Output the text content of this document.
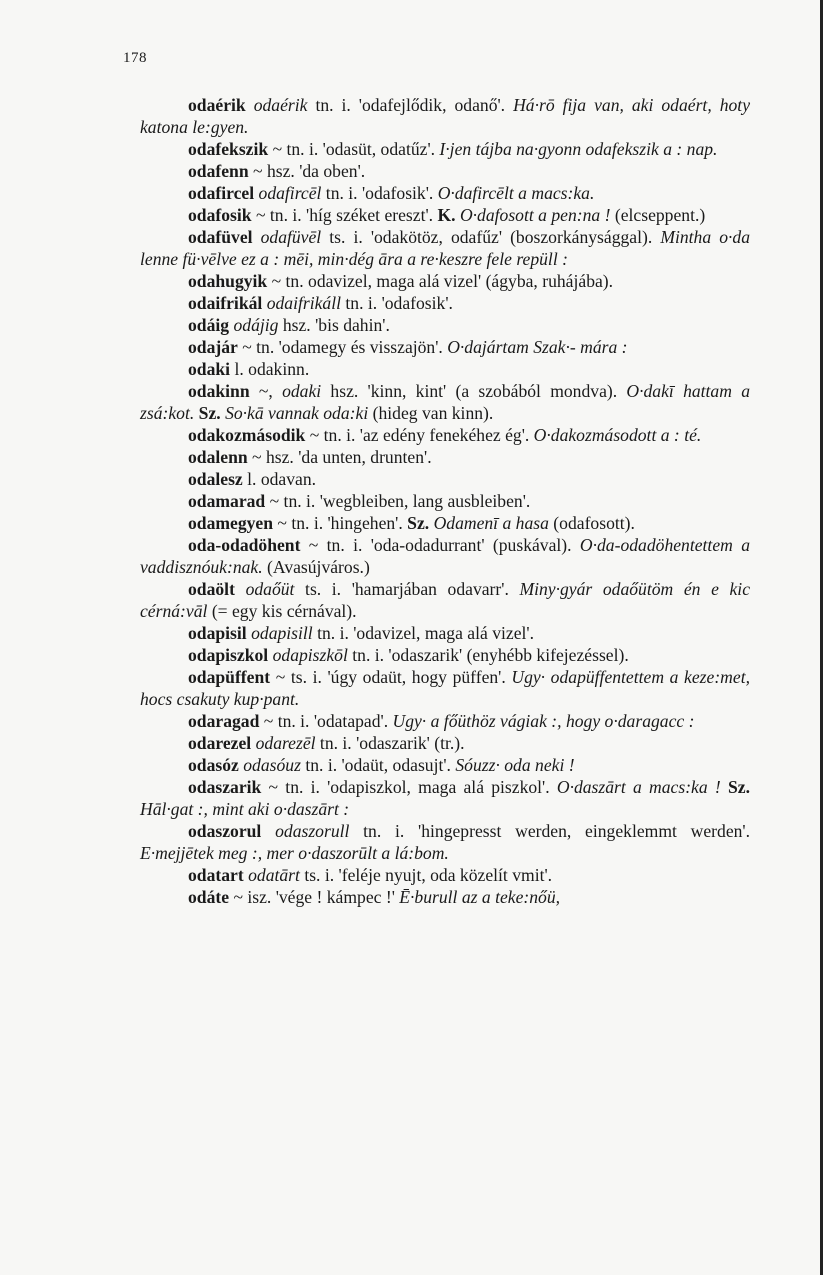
178

odaérik odaérik tn. i. 'odafejlődik, odanő'. Há·rō fija van, aki odaért, hoty katona le:gyen.

odafekszik ~ tn. i. 'odasüt, odatűz'. I·jen tájba na·gyonn odafekszik a : nap.

odafenn ~ hsz. 'da oben'.

odafircel odafircēl tn. i. 'odafosik'. O·dafircēlt a macs:ka.

odafosik ~ tn. i. 'híg széket ereszt'. K. O·dafosott a pen:na ! (elcseppent.)

odafüvel odafüvēl ts. i. 'odakötöz, odafűz' (boszorkánysággal). Mintha o·da lenne fü·vēlve ez a : mēi, min·dég āra a re·keszre fele repüll :

odahugyik ~ tn. odavizel, maga alá vizel' (ágyba, ruhájába).

odaifrikál odaifrikáll tn. i. 'odafosik'.

odáig odájig hsz. 'bis dahin'.

odajár ~ tn. 'odamegy és visszajön'. O·dajártam Szak·- mára :

odaki l. odakinn.

odakinn ~, odaki hsz. 'kinn, kint' (a szobából mondva). O·dakī hattam a zsá:kot. Sz. So·kā vannak oda:ki (hideg van kinn).

odakozmásodik ~ tn. i. 'az edény fenekéhez ég'. O·dakozmásodott a : té.

odalenn ~ hsz. 'da unten, drunten'.

odalesz l. odavan.

odamarad ~ tn. i. 'wegbleiben, lang ausbleiben'.

odamegyen ~ tn. i. 'hingehen'. Sz. Odamenī a hasa (odafosott).

oda-odadöhent ~ tn. i. 'oda-odadurrant' (puskával). O·da-odadöhentettem a vaddisznóuk:nak. (Avasújváros.)

odaölt odaőüt ts. i. 'hamarjában odavarr'. Miny·gyár odaőütöm én e kic cérná:vāl (= egy kis cérnával).

odapisil odapisill tn. i. 'odavizel, maga alá vizel'.

odapiszkol odapiszkōl tn. i. 'odaszarik' (enyhébb kifejezéssel).

odapüffent ~ ts. i. 'úgy odaüt, hogy püffen'. Ugy· odapüffentettem a keze:met, hocs csakuty kup·pant.

odaragad ~ tn. i. 'odatapad'. Ugy· a főüthöz vágiak :, hogy o·daragacc :

odarezel odarezēl tn. i. 'odaszarik' (tr.).

odasóz odasóuz tn. i. 'odaüt, odasujt'. Sóuzz· oda neki !

odaszarik ~ tn. i. 'odapiszkol, maga alá piszkol'. O·daszārt a macs:ka ! Sz. Hāl·gat :, mint aki o·daszārt :

odaszorul odaszorull tn. i. 'hingepresst werden, eingeklemmt werden'. E·mejjētek meg :, mer o·daszorūlt a lá:bom.

odatart odatārt ts. i. 'feléje nyujt, oda közelít vmit'.

odáte ~ isz. 'vége ! kámpec !' Ē·burull az a teke:nőü,
